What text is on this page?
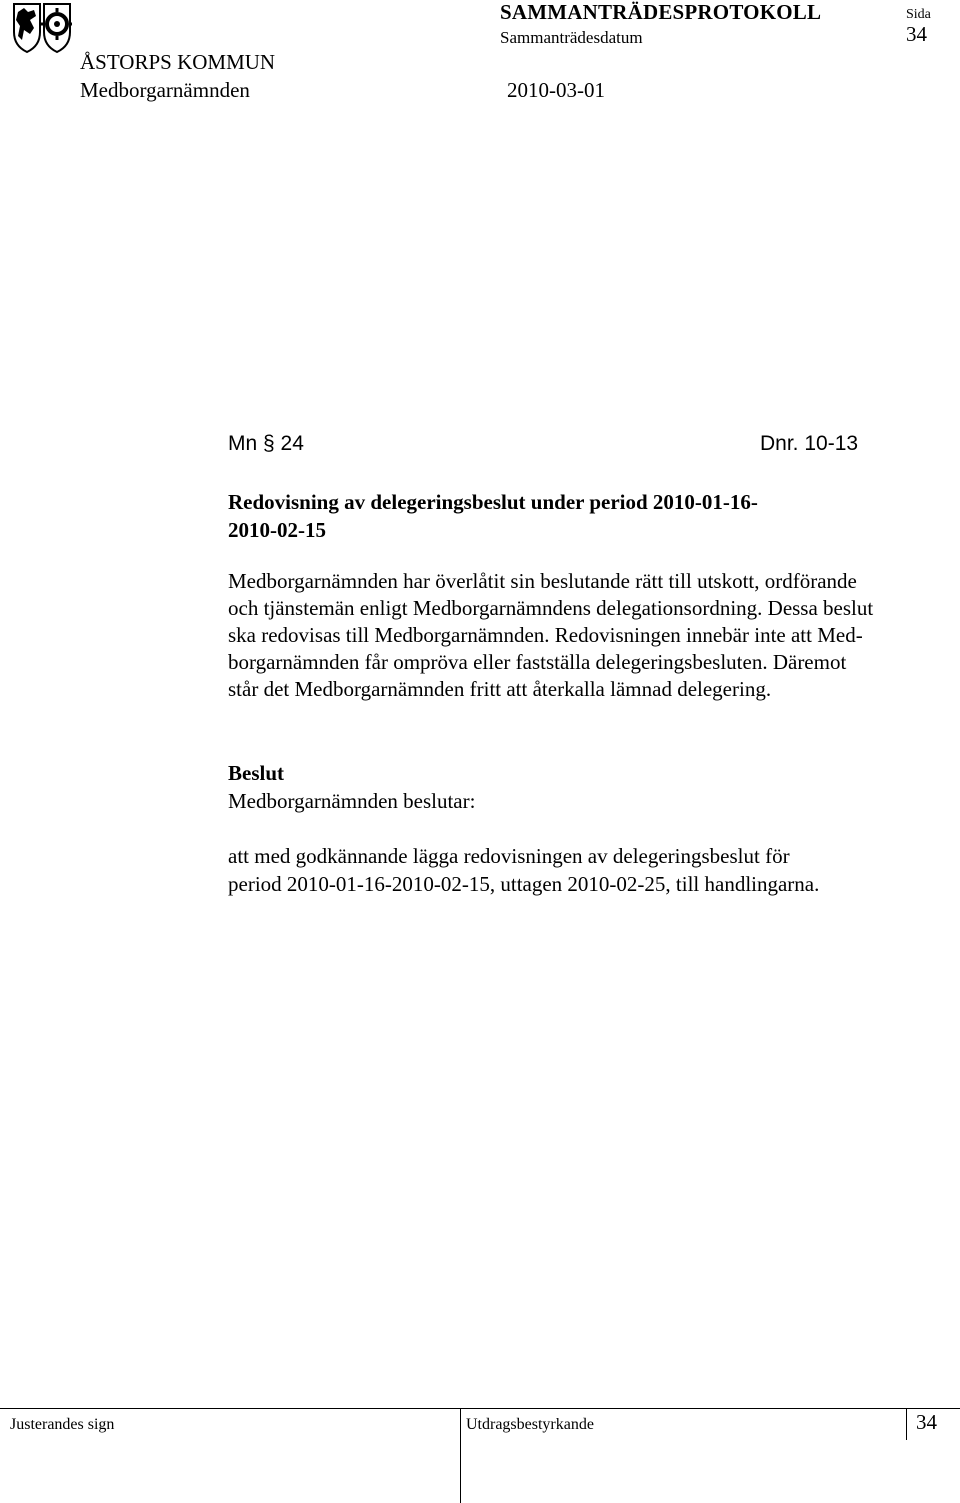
ÅSTORPS KOMMUN
Medborgarnämnden
SAMMANTRÄDESPROTOKOLL
Sammanträdesdatum
2010-03-01
Sida
34
Mn § 24	Dnr. 10-13
Redovisning av delegeringsbeslut under period 2010-01-16-
2010-02-15
Medborgarnämnden har överlåtit sin beslutande rätt till utskott, ordförande
och tjänstemän enligt Medborgarnämndens delegationsordning. Dessa beslut
ska redovisas till Medborgarnämnden. Redovisningen innebär inte att Med-
borgarnämnden får ompröva eller fastställa delegeringsbesluten. Däremot
står det Medborgarnämnden fritt att återkalla lämnad delegering.
Beslut
Medborgarnämnden beslutar:
att med godkännande lägga redovisningen av delegeringsbeslut för
period 2010-01-16-2010-02-15, uttagen 2010-02-25, till handlingarna.
Justerandes sign	Utdragsbestyrkande	34
